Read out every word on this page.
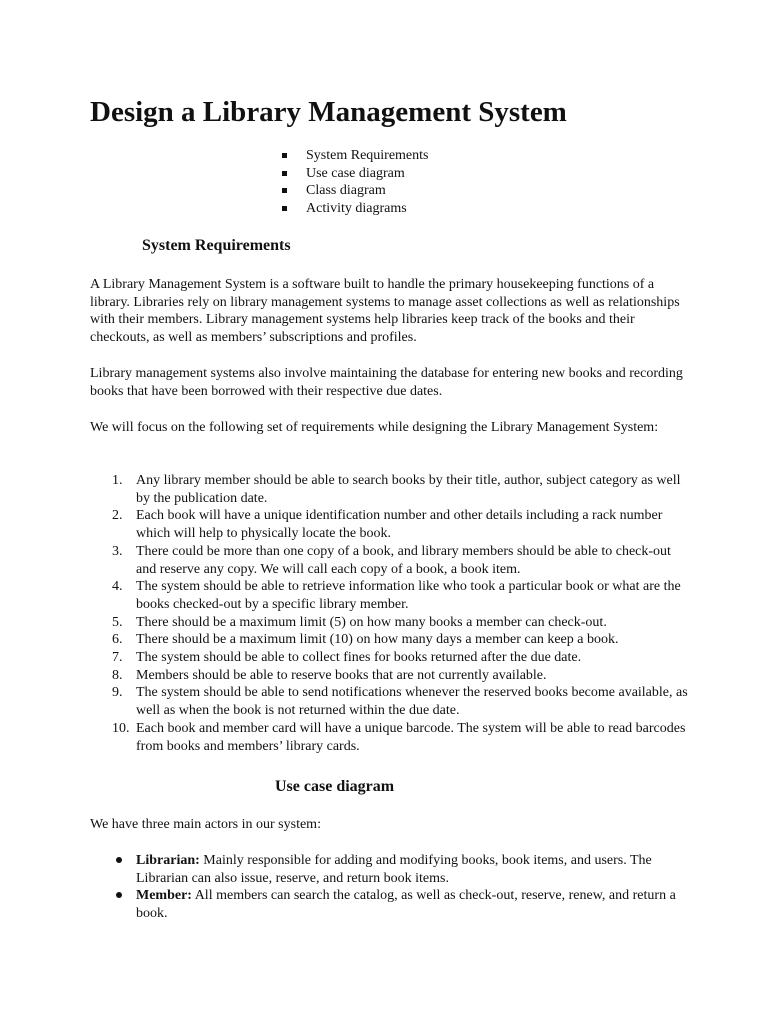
Design a Library Management System
System Requirements
Use case diagram
Class diagram
Activity diagrams
System Requirements

A Library Management System is a software built to handle the primary housekeeping functions of a library. Libraries rely on library management systems to manage asset collections as well as relationships with their members. Library management systems help libraries keep track of the books and their checkouts, as well as members’ subscriptions and profiles.

Library management systems also involve maintaining the database for entering new books and recording books that have been borrowed with their respective due dates.

We will focus on the following set of requirements while designing the Library Management System:

1. Any library member should be able to search books by their title, author, subject category as well by the publication date.
2. Each book will have a unique identification number and other details including a rack number which will help to physically locate the book.
3. There could be more than one copy of a book, and library members should be able to check-out and reserve any copy. We will call each copy of a book, a book item.
4. The system should be able to retrieve information like who took a particular book or what are the books checked-out by a specific library member.
5. There should be a maximum limit (5) on how many books a member can check-out.
6. There should be a maximum limit (10) on how many days a member can keep a book.
7. The system should be able to collect fines for books returned after the due date.
8. Members should be able to reserve books that are not currently available.
9. The system should be able to send notifications whenever the reserved books become available, as well as when the book is not returned within the due date.
10. Each book and member card will have a unique barcode. The system will be able to read barcodes from books and members’ library cards.
Use case diagram

We have three main actors in our system:

Librarian: Mainly responsible for adding and modifying books, book items, and users. The Librarian can also issue, reserve, and return book items.
Member: All members can search the catalog, as well as check-out, reserve, renew, and return a book.
